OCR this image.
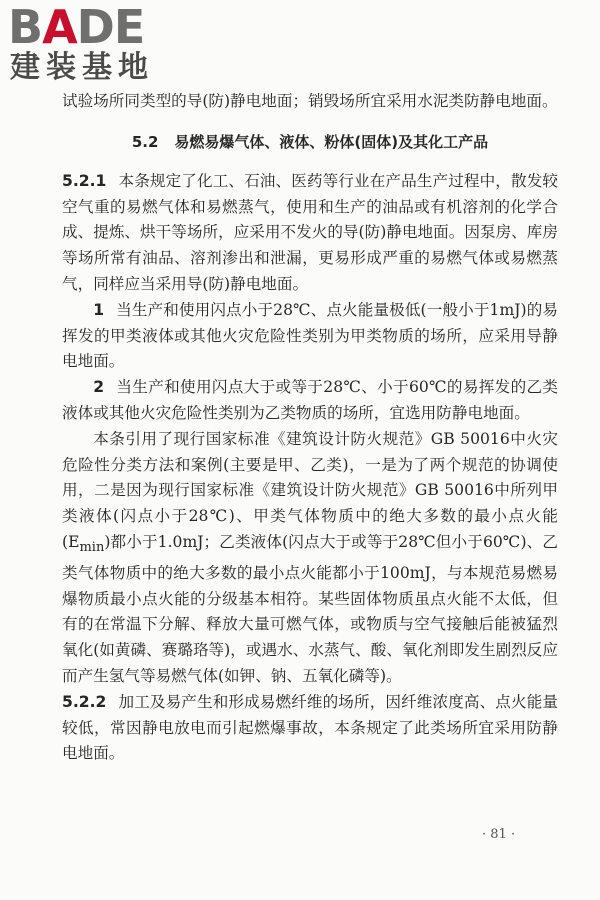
BADE
建装基地

试验场所同类型的导(防)静电地面；销毁场所宜采用水泥类防静电地面。

5.2 易燃易爆气体、液体、粉体(固体)及其化工产品

5.2.1 本条规定了化工、石油、医药等行业在产品生产过程中，散发较空气重的易燃气体和易燃蒸气，使用和生产的油品或有机溶剂的化学合成、提炼、烘干等场所，应采用不发火的导(防)静电地面。因泵房、库房等场所常有油品、溶剂渗出和泄漏，更易形成严重的易燃气体或易燃蒸气，同样应当采用导(防)静电地面。

1 当生产和使用闪点小于28℃、点火能量极低(一般小于1mJ)的易挥发的甲类液体或其他火灾危险性类别为甲类物质的场所，应采用导静电地面。

2 当生产和使用闪点大于或等于28℃、小于60℃的易挥发的乙类液体或其他火灾危险性类别为乙类物质的场所，宜选用防静电地面。

本条引用了现行国家标准《建筑设计防火规范》GB 50016中火灾危险性分类方法和案例(主要是甲、乙类)，一是为了两个规范的协调使用，二是因为现行国家标准《建筑设计防火规范》GB 50016中所列甲类液体(闪点小于28℃)、甲类气体物质中的绝大多数的最小点火能$(E_{min})$都小于1.0mJ；乙类液体(闪点大于或等于28℃但小于60℃)、乙类气体物质中的绝大多数的最小点火能都小于100mJ，与本规范易燃易爆物质最小点火能的分级基本相符。某些固体物质虽点火能不太低，但有的在常温下分解、释放大量可燃气体，或物质与空气接触后能被猛烈氧化(如黄磷、赛璐珞等)，或遇水、水蒸气、酸、氧化剂即发生剧烈反应而产生氢气等易燃气体(如钾、钠、五氧化磷等)。

5.2.2 加工及易产生和形成易燃纤维的场所，因纤维浓度高、点火能量较低，常因静电放电而引起燃爆事故，本条规定了此类场所宜采用防静电地面。

· 81 ·
